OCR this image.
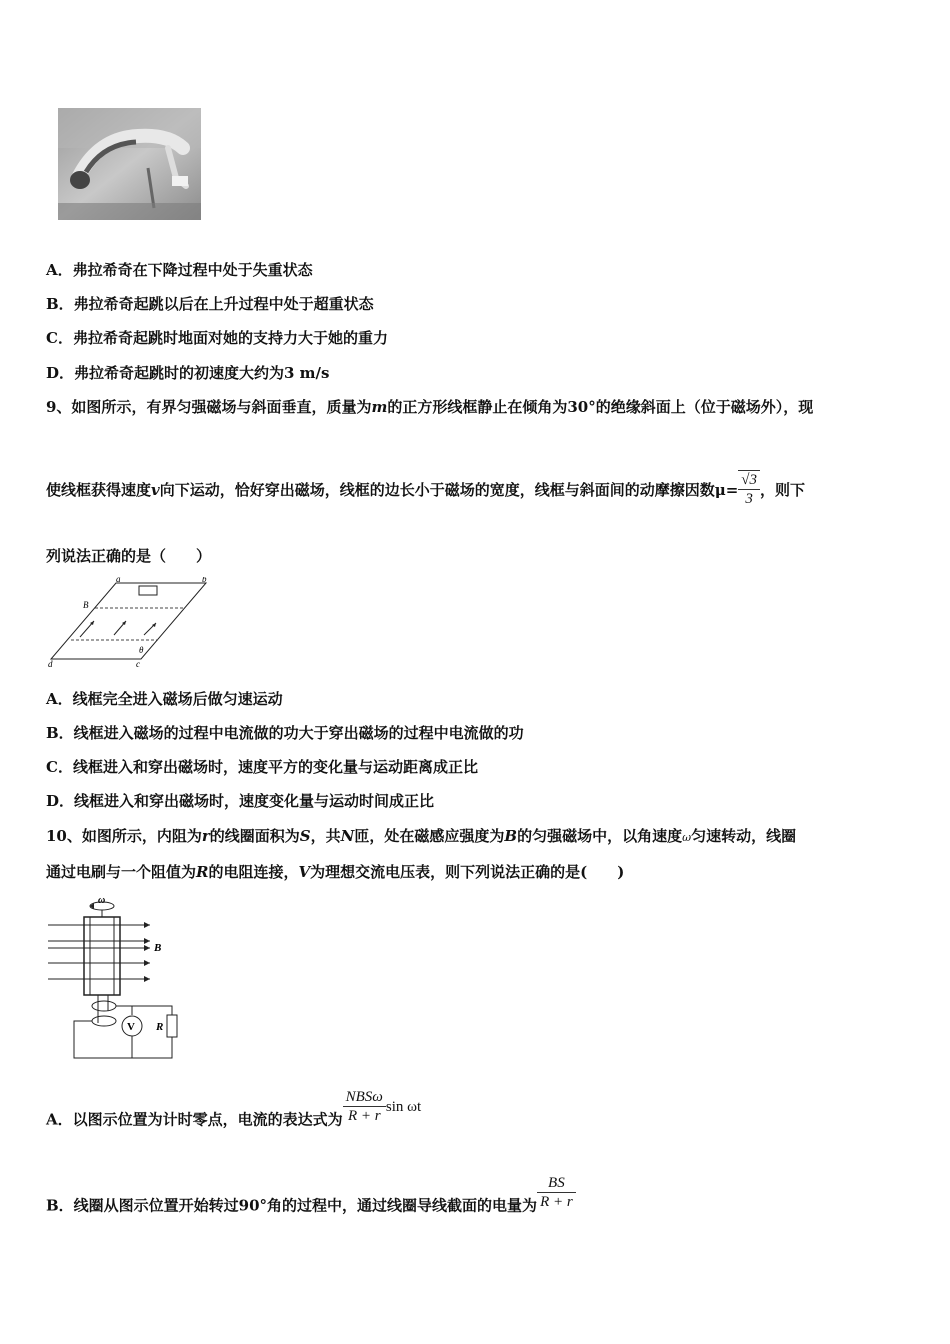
A．弗拉希奇在下降过程中处于失重状态
B．弗拉希奇起跳以后在上升过程中处于超重状态
C．弗拉希奇起跳时地面对她的支持力大于她的重力
D．弗拉希奇起跳时的初速度大约为3 m/s
9、如图所示，有界匀强磁场与斜面垂直，质量为m的正方形线框静止在倾角为30°的绝缘斜面上（位于磁场外），现
使线框获得速度v向下运动，恰好穿出磁场，线框的边长小于磁场的宽度，线框与斜面间的动摩擦因数$\mu= \frac{√3}{3}$ ，则下
列说法正确的是（　　）
a	b
d	c
B
θ
A．线框完全进入磁场后做匀速运动
B．线框进入磁场的过程中电流做的功大于穿出磁场的过程中电流做的功
C．线框进入和穿出磁场时，速度平方的变化量与运动距离成正比
D．线框进入和穿出磁场时，速度变化量与运动时间成正比
10、如图所示，内阻为r的线圈面积为S，共N匝，处在磁感应强度为B的匀强磁场中，以角速度ω匀速转动，线圈
通过电刷与一个阻值为R的电阻连接，V为理想交流电压表，则下列说法正确的是(　　)
ω
B
V R
A．以图示位置为计时零点，电流的表达式为 $\frac{\text{NBSω}}{R + r}$ sin ωt
B．线圈从图示位置开始转过90°角的过程中，通过线圈导线截面的电量为 $\frac{BS}{R + r}$
